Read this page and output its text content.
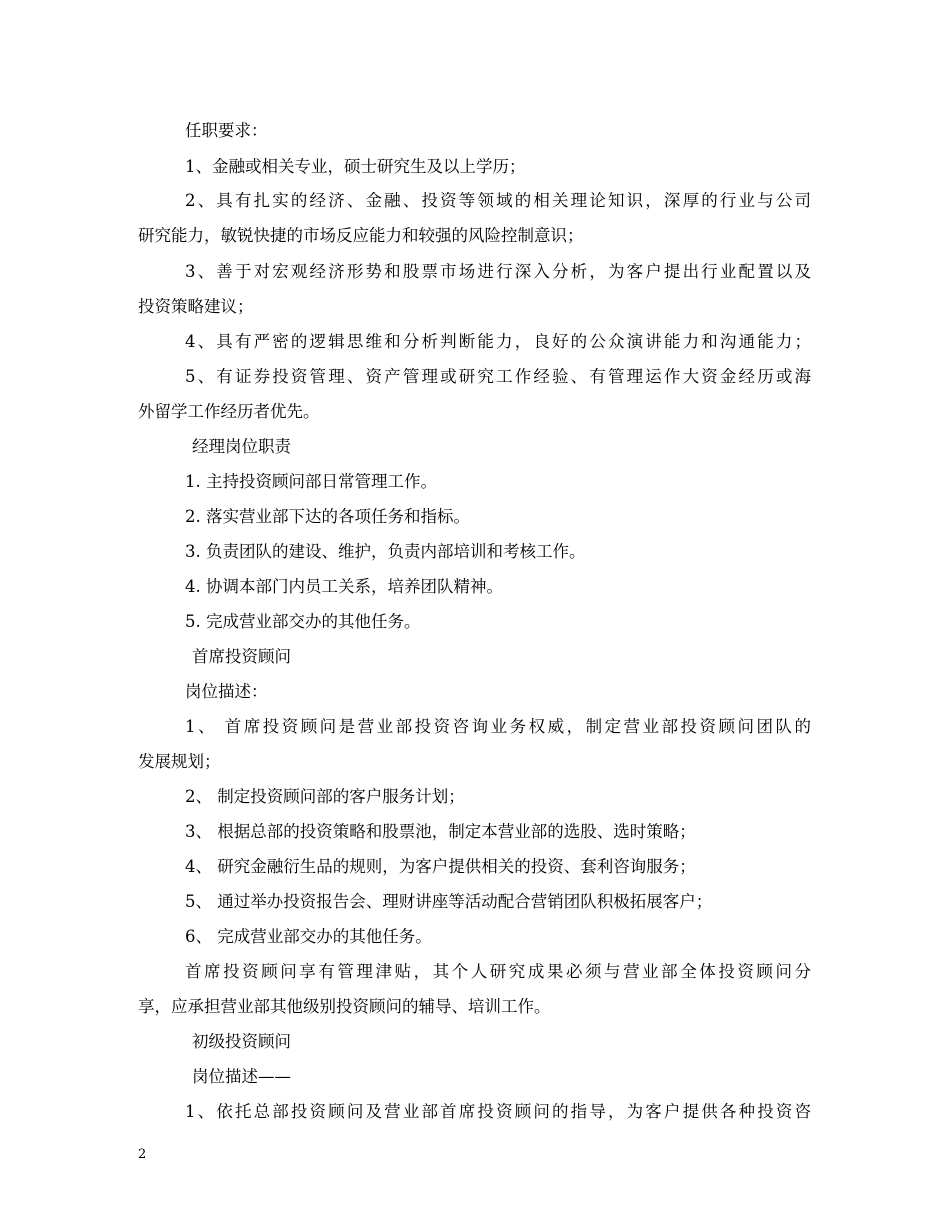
任职要求：
1、金融或相关专业，硕士研究生及以上学历；
2、具有扎实的经济、金融、投资等领域的相关理论知识，深厚的行业与公司
研究能力，敏锐快捷的市场反应能力和较强的风险控制意识；
3、善于对宏观经济形势和股票市场进行深入分析，为客户提出行业配置以及
投资策略建议；
4、具有严密的逻辑思维和分析判断能力，良好的公众演讲能力和沟通能力；
5、有证券投资管理、资产管理或研究工作经验、有管理运作大资金经历或海
外留学工作经历者优先。
经理岗位职责
1. 主持投资顾问部日常管理工作。
2. 落实营业部下达的各项任务和指标。
3. 负责团队的建设、维护，负责内部培训和考核工作。
4. 协调本部门内员工关系，培养团队精神。
5. 完成营业部交办的其他任务。
首席投资顾问
岗位描述：
1、 首席投资顾问是营业部投资咨询业务权威，制定营业部投资顾问团队的
发展规划；
2、 制定投资顾问部的客户服务计划；
3、 根据总部的投资策略和股票池，制定本营业部的选股、选时策略；
4、 研究金融衍生品的规则，为客户提供相关的投资、套利咨询服务；
5、 通过举办投资报告会、理财讲座等活动配合营销团队积极拓展客户；
6、 完成营业部交办的其他任务。
首席投资顾问享有管理津贴，其个人研究成果必须与营业部全体投资顾问分
享，应承担营业部其他级别投资顾问的辅导、培训工作。
初级投资顾问
岗位描述——
1、依托总部投资顾问及营业部首席投资顾问的指导，为客户提供各种投资咨
2
